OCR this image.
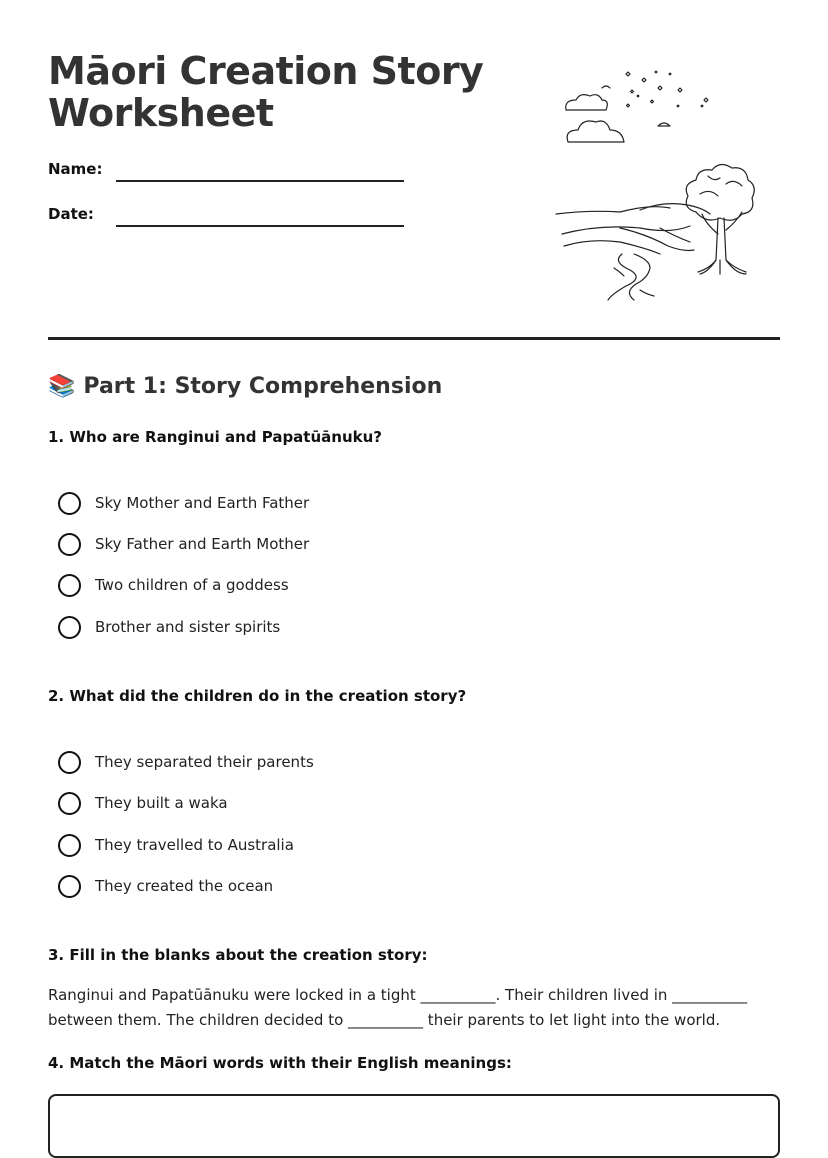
Māori Creation Story Worksheet
Name:
Date:
📚 Part 1: Story Comprehension

1. Who are Ranginui and Papatūānuku?

Sky Mother and Earth Father
Sky Father and Earth Mother
Two children of a goddess
Brother and sister spirits

2. What did the children do in the creation story?

They separated their parents
They built a waka
They travelled to Australia
They created the ocean

3. Fill in the blanks about the creation story:

Ranginui and Papatūānuku were locked in a tight __________. Their children lived in __________ between them. The children decided to __________ their parents to let light into the world.

4. Match the Māori words with their English meanings:
